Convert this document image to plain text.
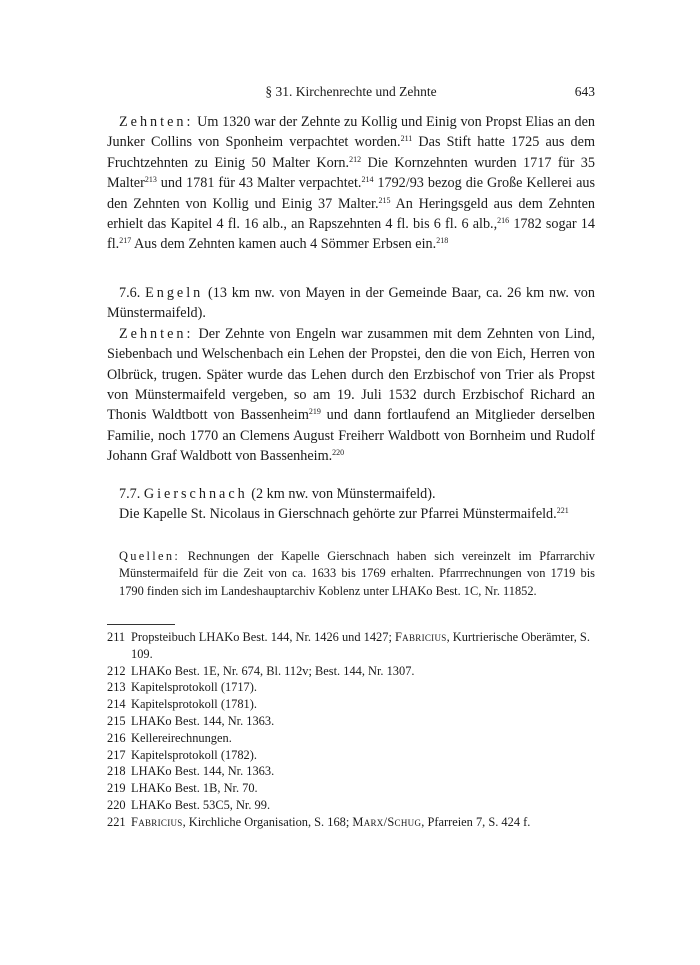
§ 31. Kirchenrechte und Zehnte	643

Zehnten: Um 1320 war der Zehnte zu Kollig und Einig von Propst Elias an den Junker Collins von Sponheim verpachtet worden.$^{211}$ Das Stift hatte 1725 aus dem Fruchtzehnten zu Einig 50 Malter Korn.$^{212}$ Die Kornzehnten wurden 1717 für 35 Malter$^{213}$ und 1781 für 43 Malter verpachtet.$^{214}$ 1792/93 bezog die Große Kellerei aus den Zehnten von Kollig und Einig 37 Malter.$^{215}$ An Heringsgeld aus dem Zehnten erhielt das Kapitel 4 fl. 16 alb., an Rapszehnten 4 fl. bis 6 fl. 6 alb.,$^{216}$ 1782 sogar 14 fl.$^{217}$ Aus dem Zehnten kamen auch 4 Sömmer Erbsen ein.$^{218}$

7.6. Engeln (13 km nw. von Mayen in der Gemeinde Baar, ca. 26 km nw. von Münstermaifeld).

Zehnten: Der Zehnte von Engeln war zusammen mit dem Zehnten von Lind, Siebenbach und Welschenbach ein Lehen der Propstei, den die von Eich, Herren von Olbrück, trugen. Später wurde das Lehen durch den Erzbischof von Trier als Propst von Münstermaifeld vergeben, so am 19. Juli 1532 durch Erzbischof Richard an Thonis Waldtbott von Bassenheim$^{219}$ und dann fortlaufend an Mitglieder derselben Familie, noch 1770 an Clemens August Freiherr Waldbott von Bornheim und Rudolf Johann Graf Waldbott von Bassenheim.$^{220}$

7.7. Gierschnach (2 km nw. von Münstermaifeld).

Die Kapelle St. Nicolaus in Gierschnach gehörte zur Pfarrei Münstermaifeld.$^{221}$

Quellen: Rechnungen der Kapelle Gierschnach haben sich vereinzelt im Pfarrarchiv Münstermaifeld für die Zeit von ca. 1633 bis 1769 erhalten. Pfarrrechnungen von 1719 bis 1790 finden sich im Landeshauptarchiv Koblenz unter LHAKo Best. 1C, Nr. 11852.
211 Propsteibuch LHAKo Best. 144, Nr. 1426 und 1427; Fabricius, Kurtrierische Oberämter, S. 109.
212 LHAKo Best. 1E, Nr. 674, Bl. 112v; Best. 144, Nr. 1307.
213 Kapitelsprotokoll (1717).
214 Kapitelsprotokoll (1781).
215 LHAKo Best. 144, Nr. 1363.
216 Kellereirechnungen.
217 Kapitelsprotokoll (1782).
218 LHAKo Best. 144, Nr. 1363.
219 LHAKo Best. 1B, Nr. 70.
220 LHAKo Best. 53C5, Nr. 99.
221 Fabricius, Kirchliche Organisation, S. 168; Marx/Schug, Pfarreien 7, S. 424 f.
